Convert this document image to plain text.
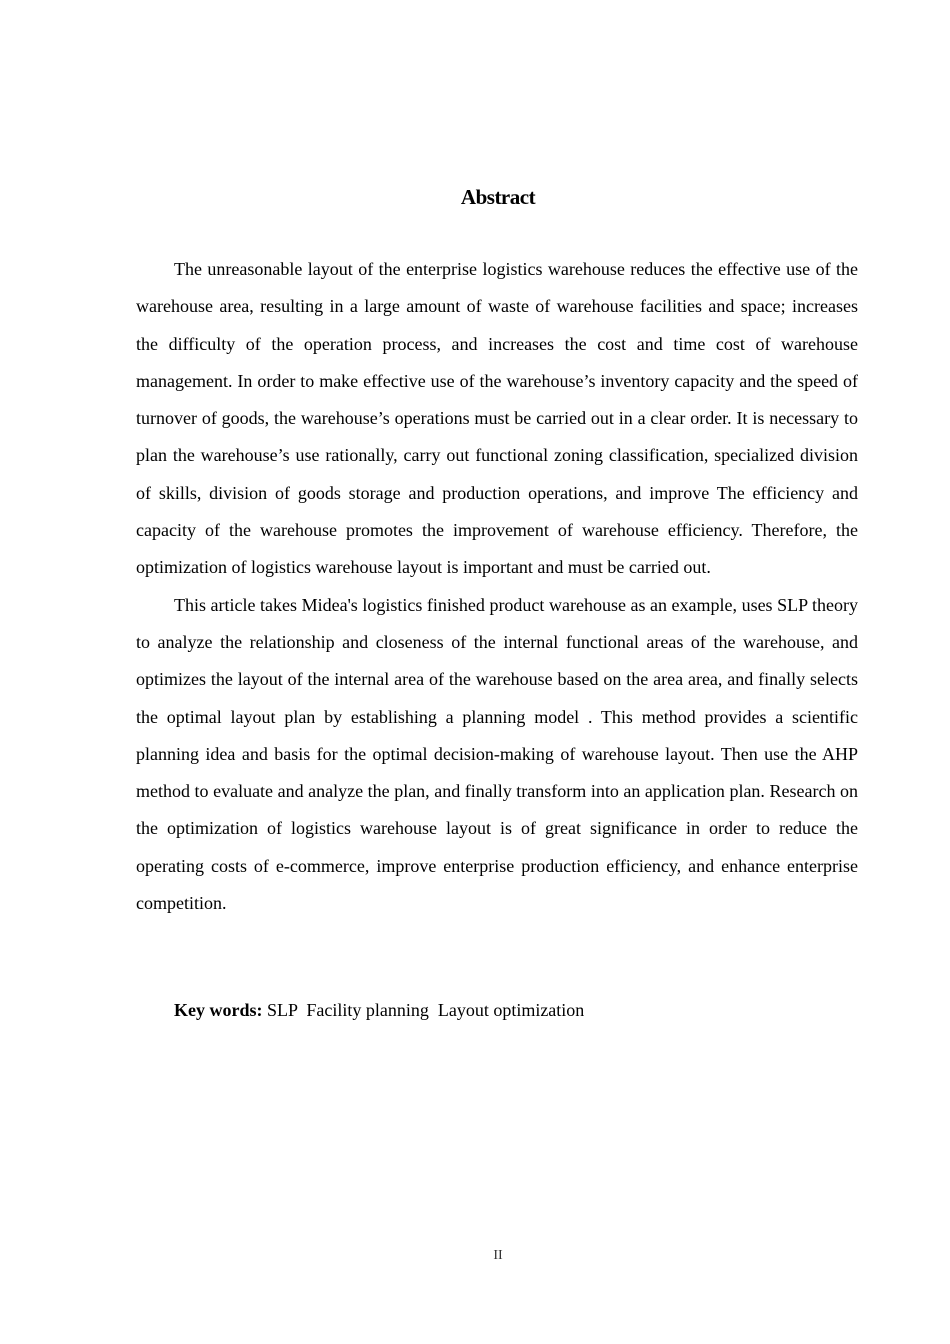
Abstract

The unreasonable layout of the enterprise logistics warehouse reduces the effective use of the warehouse area, resulting in a large amount of waste of warehouse facilities and space; increases the difficulty of the operation process, and increases the cost and time cost of warehouse management. In order to make effective use of the warehouse’s inventory capacity and the speed of turnover of goods, the warehouse’s operations must be carried out in a clear order. It is necessary to plan the warehouse’s use rationally, carry out functional zoning classification, specialized division of skills, division of goods storage and production operations, and improve The efficiency and capacity of the warehouse promotes the improvement of warehouse efficiency. Therefore, the optimization of logistics warehouse layout is important and must be carried out.

This article takes Midea's logistics finished product warehouse as an example, uses SLP theory to analyze the relationship and closeness of the internal functional areas of the warehouse, and optimizes the layout of the internal area of the warehouse based on the area area, and finally selects the optimal layout plan by establishing a planning model . This method provides a scientific planning idea and basis for the optimal decision-making of warehouse layout. Then use the AHP method to evaluate and analyze the plan, and finally transform into an application plan. Research on the optimization of logistics warehouse layout is of great significance in order to reduce the operating costs of e-commerce, improve enterprise production efficiency, and enhance enterprise competition.

Key words: SLP  Facility planning  Layout optimization
II
